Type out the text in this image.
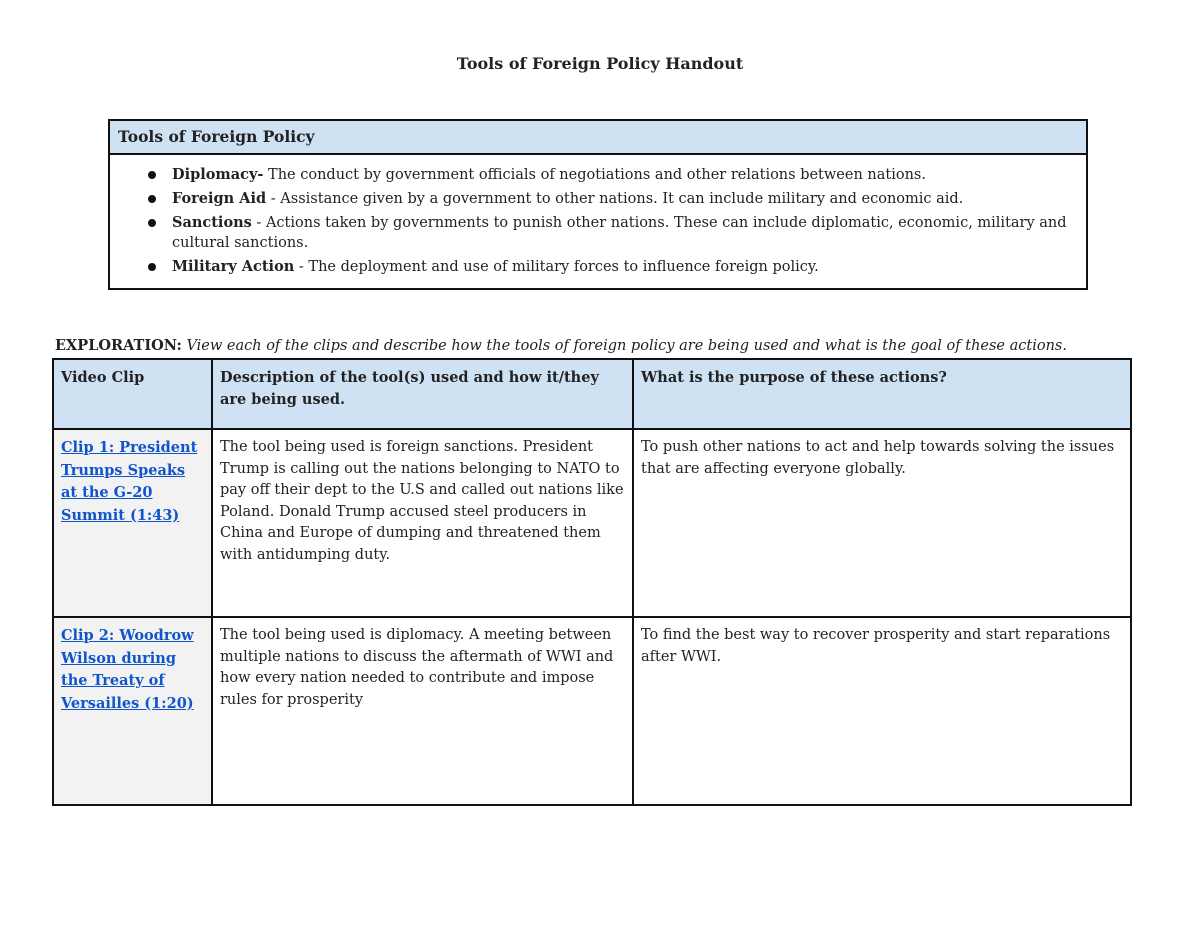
Tools of Foreign Policy Handout
Tools of Foreign Policy
Diplomacy- The conduct by government officials of negotiations and other relations between nations.
Foreign Aid - Assistance given by a government to other nations. It can include military and economic aid.
Sanctions - Actions taken by governments to punish other nations. These can include diplomatic, economic, military and cultural sanctions.
Military Action - The deployment and use of military forces to influence foreign policy.
EXPLORATION: View each of the clips and describe how the tools of foreign policy are being used and what is the goal of these actions.
Video Clip	Description of the tool(s) used and how it/they are being used.	What is the purpose of these actions?
Clip 1: President Trumps Speaks at the G-20 Summit (1:43)	The tool being used is foreign sanctions. President Trump is calling out the nations belonging to NATO to pay off their dept to the U.S and called out nations like Poland. Donald Trump accused steel producers in China and Europe of dumping and threatened them with antidumping duty.	To push other nations to act and help towards solving the issues that are affecting everyone globally.
Clip 2: Woodrow Wilson during the Treaty of Versailles (1:20)	The tool being used is diplomacy. A meeting between multiple nations to discuss the aftermath of WWI and how every nation needed to contribute and impose rules for prosperity	To find the best way to recover prosperity and start reparations after WWI.
